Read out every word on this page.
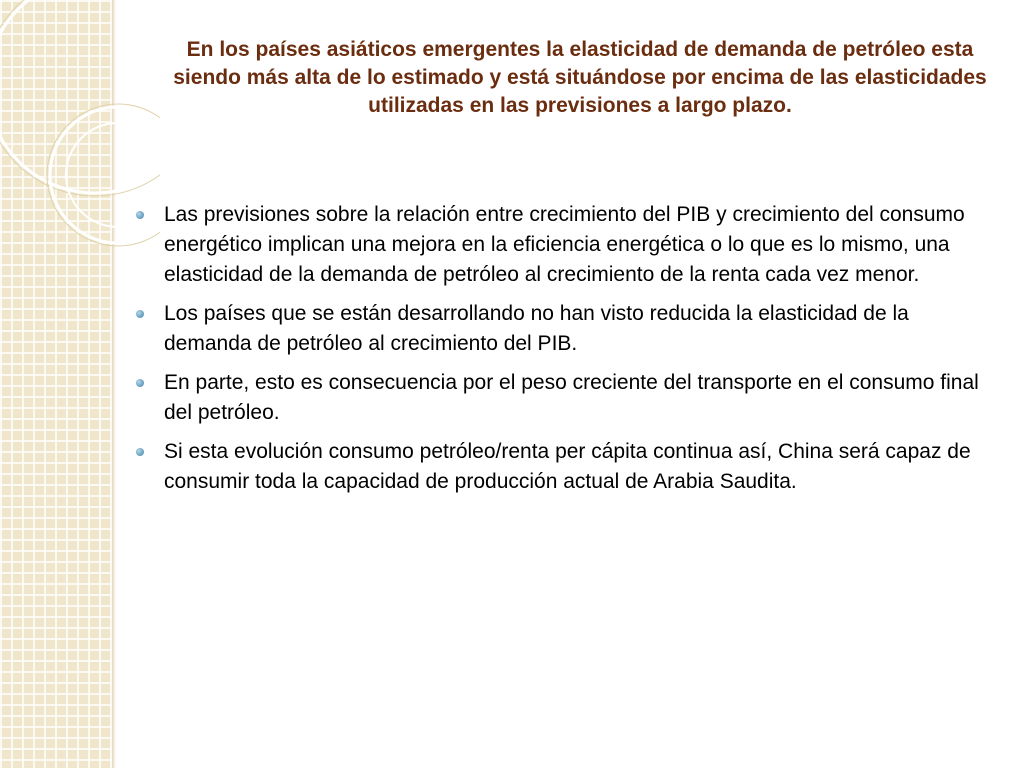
En los países asiáticos emergentes la elasticidad de demanda de petróleo esta siendo más alta de lo estimado y está situándose por encima de las elasticidades utilizadas en las previsiones a largo plazo.
Las previsiones sobre la relación entre crecimiento del PIB y crecimiento del consumo energético implican una mejora en la eficiencia energética o lo que es lo mismo, una elasticidad de la demanda de petróleo al crecimiento de la renta cada vez menor.
Los países que se están desarrollando no han visto reducida la elasticidad de la demanda de petróleo al crecimiento del PIB.
En parte, esto es consecuencia por el peso creciente del transporte en el consumo final del petróleo.
Si esta evolución consumo petróleo/renta per cápita continua así, China será capaz de consumir toda la capacidad de producción actual de Arabia Saudita.
